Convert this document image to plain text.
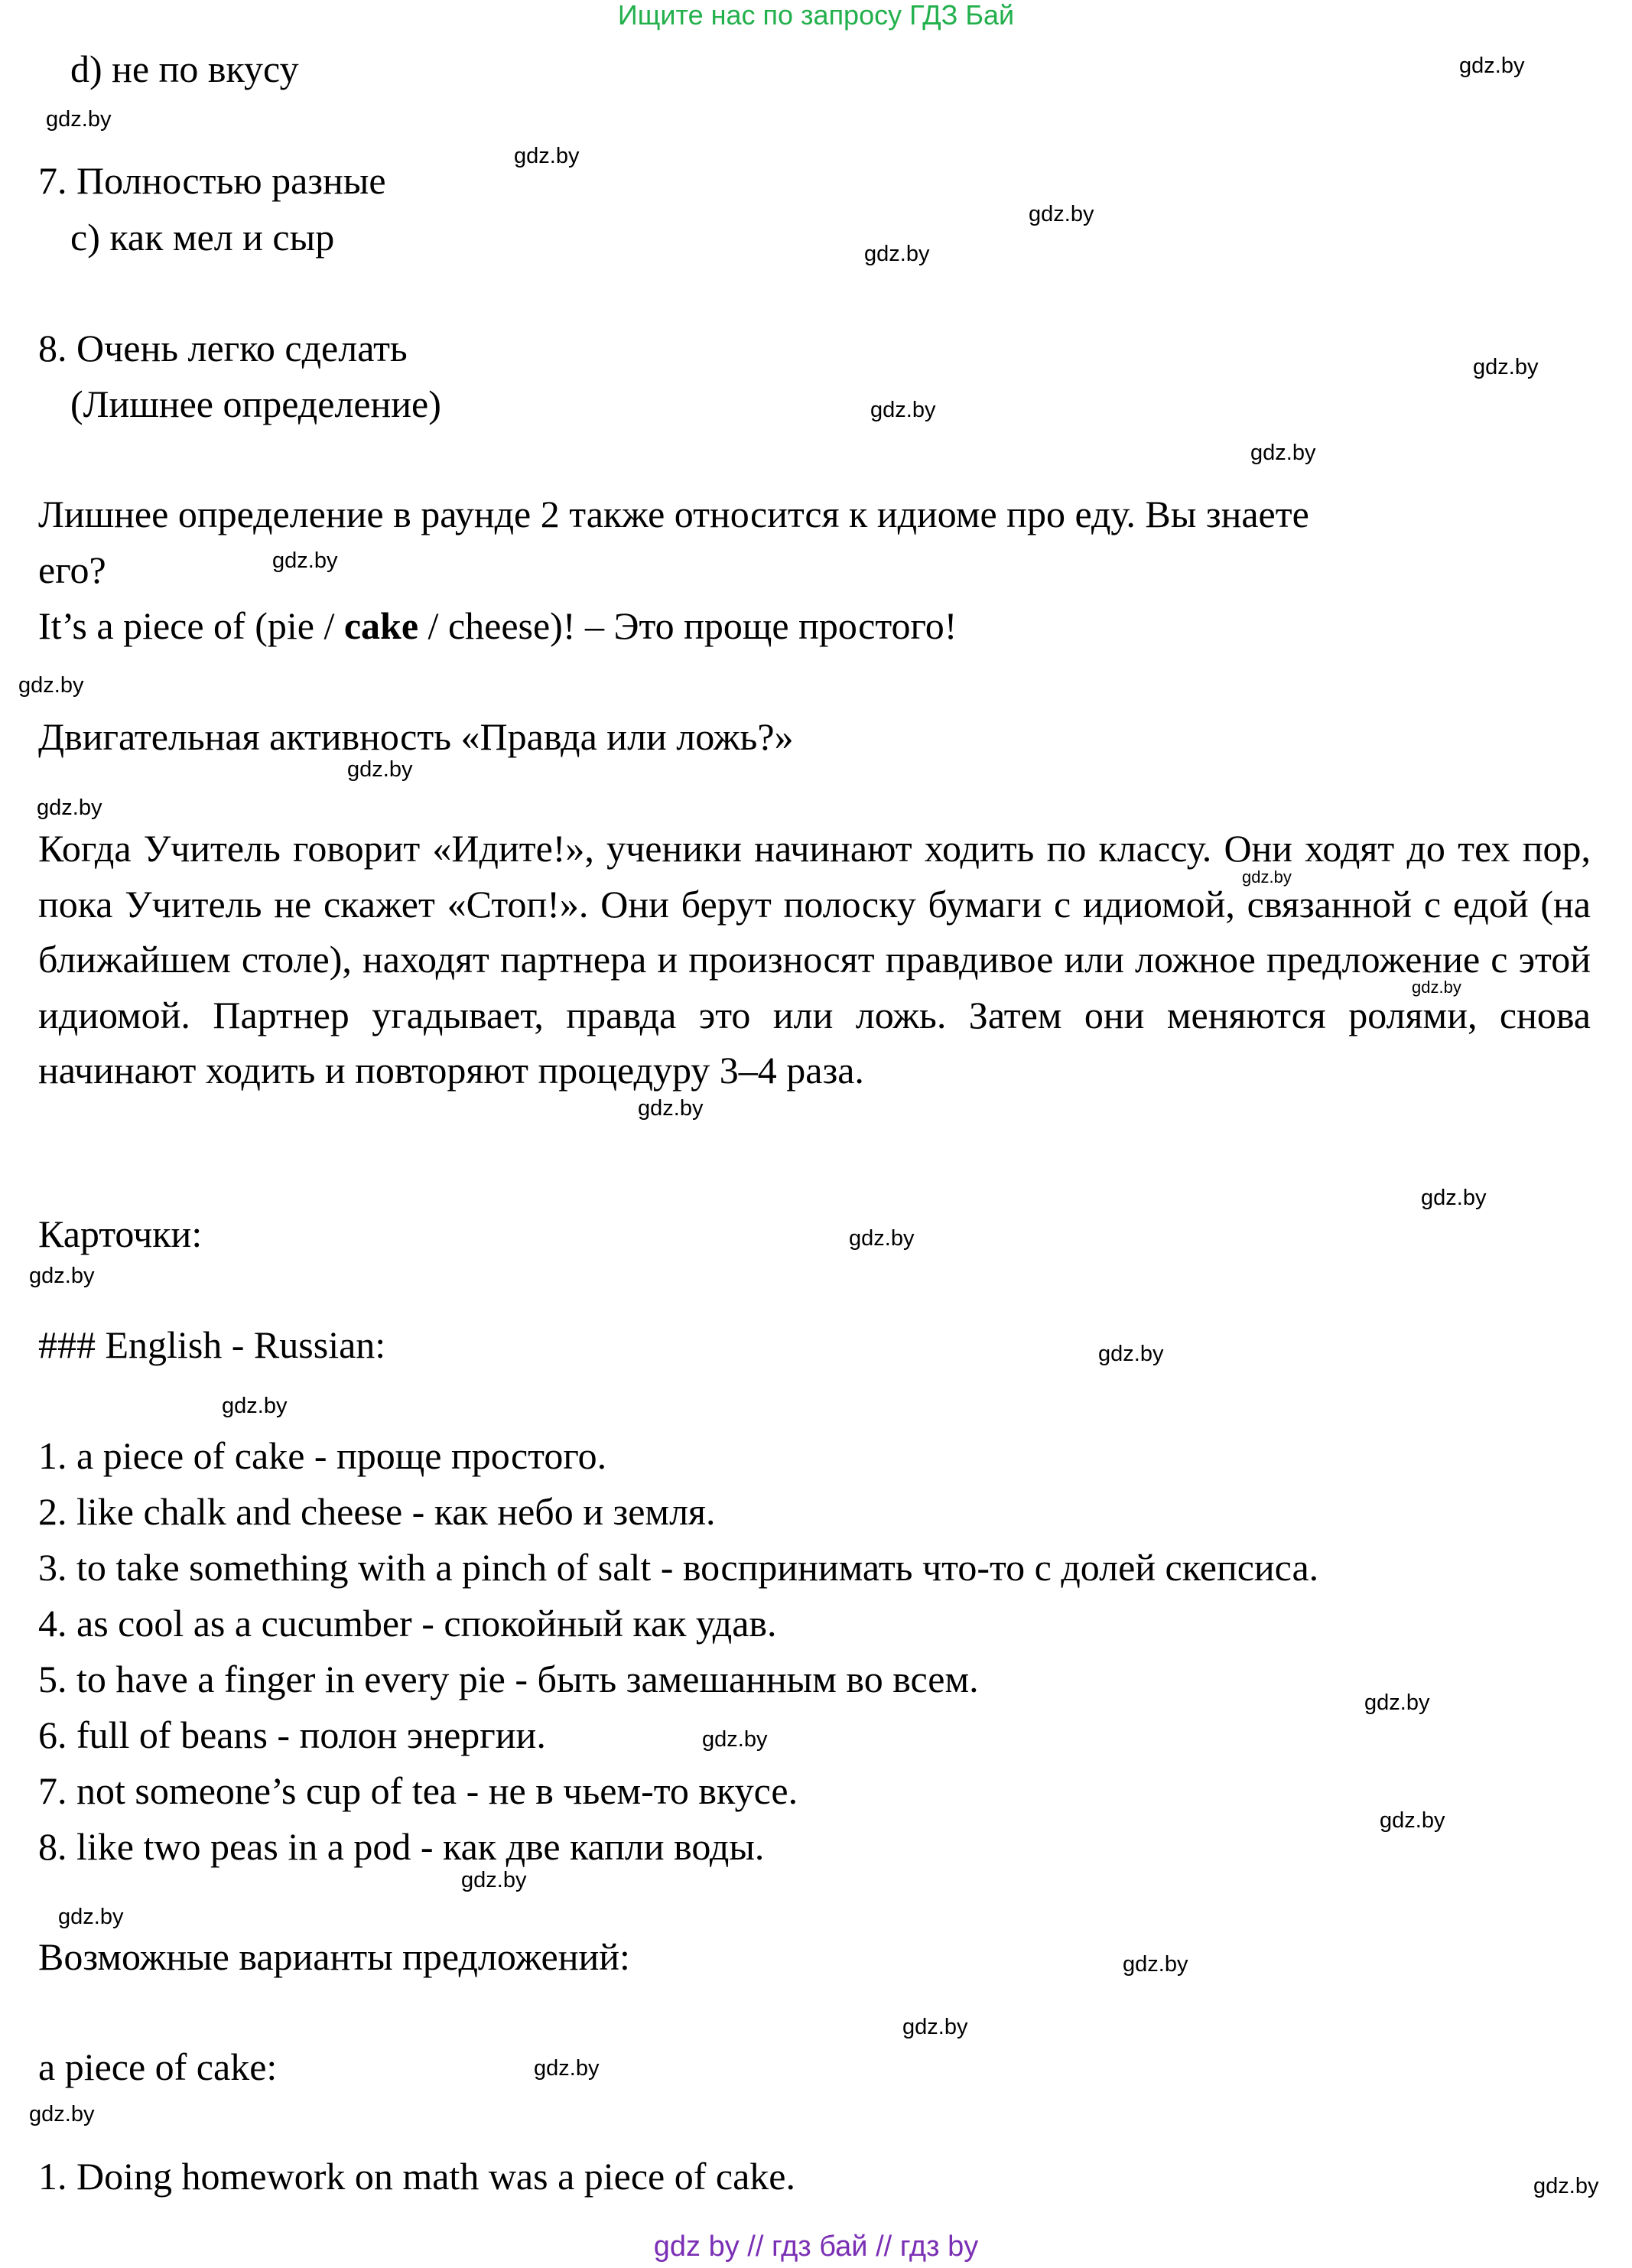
Ищите нас по запросу ГДЗ Бай
d) не по вкусу
7. Полностью разные
c) как мел и сыр
8. Очень легко сделать
(Лишнее определение)
Лишнее определение в раунде 2 также относится к идиоме про еду. Вы знаете
его?
It’s a piece of (pie / cake / cheese)! – Это проще простого!
Двигательная активность «Правда или ложь?»
Когда Учитель говорит «Идите!», ученики начинают ходить по классу. Они ходят до тех пор, пока Учитель не скажет «Стоп!». Они берут полоску бумаги с идиомой, связанной с едой (на ближайшем столе), находят партнера и произносят правдивое или ложное предложение с этой идиомой. Партнер угадывает, правда это или ложь. Затем они меняются ролями, снова начинают ходить и повторяют процедуру 3–4 раза.
Карточки:
### English - Russian:
1. a piece of cake - проще простого.
2. like chalk and cheese - как небо и земля.
3. to take something with a pinch of salt - воспринимать что-то с долей скепсиса.
4. as cool as a cucumber - спокойный как удав.
5. to have a finger in every pie - быть замешанным во всем.
6. full of beans - полон энергии.
7. not someone’s cup of tea - не в чьем-то вкусе.
8. like two peas in a pod - как две капли воды.
Возможные варианты предложений:
a piece of cake:
1. Doing homework on math was a piece of cake.
gdz.by
gdz.by
gdz.by
gdz.by
gdz.by
gdz.by
gdz.by
gdz.by
gdz.by
gdz.by
gdz.by
gdz.by
gdz.by
gdz.by
gdz.by
gdz.by
gdz.by
gdz.by
gdz.by
gdz.by
gdz.by
gdz.by
gdz.by
gdz.by
gdz.by
gdz.by
gdz.by
gdz.by
gdz.by
gdz.by
gdz by // гдз бай // гдз by
